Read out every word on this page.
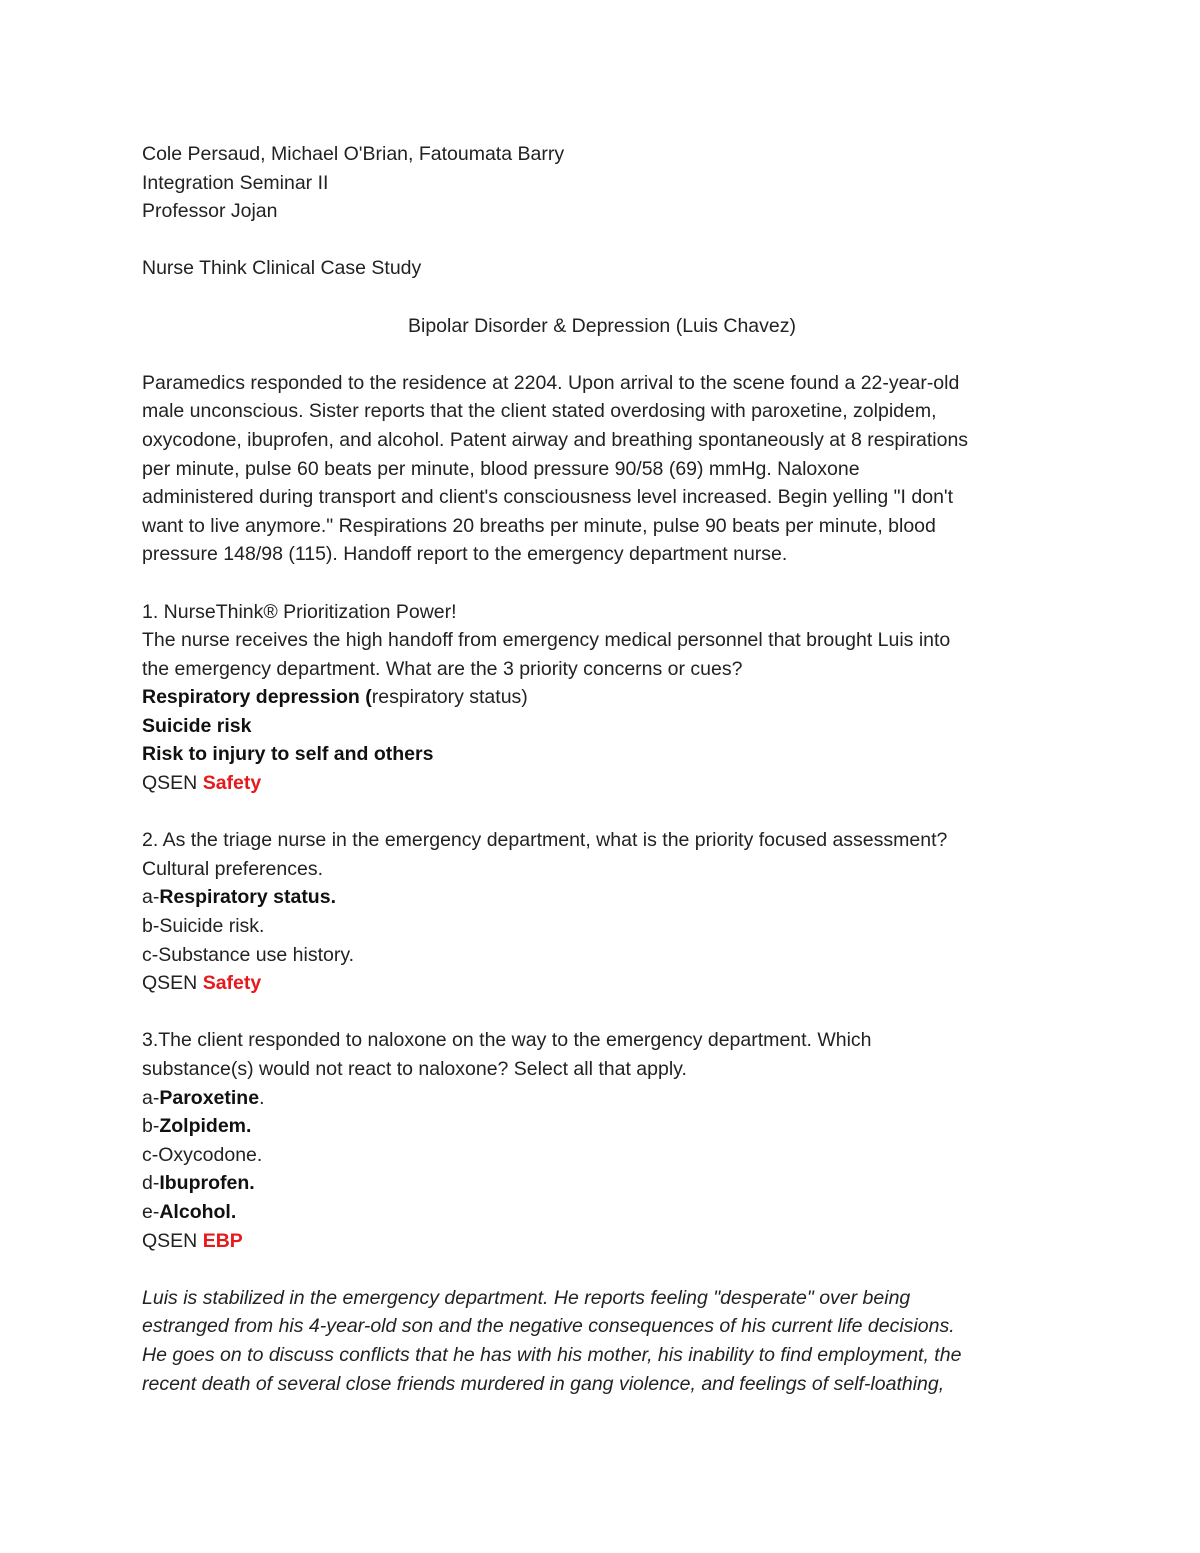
Cole Persaud, Michael O'Brian, Fatoumata Barry

Integration Seminar II

Professor Jojan

Nurse Think Clinical Case Study

Bipolar Disorder & Depression (Luis Chavez)

Paramedics responded to the residence at 2204. Upon arrival to the scene found a 22-year-old

male unconscious. Sister reports that the client stated overdosing with paroxetine, zolpidem,

oxycodone, ibuprofen, and alcohol. Patent airway and breathing spontaneously at 8 respirations

per minute, pulse 60 beats per minute, blood pressure 90/58 (69) mmHg. Naloxone

administered during transport and client's consciousness level increased. Begin yelling "I don't

want to live anymore." Respirations 20 breaths per minute, pulse 90 beats per minute, blood

pressure 148/98 (115). Handoff report to the emergency department nurse.

1. NurseThink® Prioritization Power!

The nurse receives the high handoff from emergency medical personnel that brought Luis into

the emergency department. What are the 3 priority concerns or cues?

Respiratory depression (respiratory status)

Suicide risk

Risk to injury to self and others

QSEN Safety

2. As the triage nurse in the emergency department, what is the priority focused assessment?

Cultural preferences.

a-Respiratory status.

b-Suicide risk.

c-Substance use history.

QSEN Safety

3.The client responded to naloxone on the way to the emergency department. Which

substance(s) would not react to naloxone? Select all that apply.

a-Paroxetine.

b-Zolpidem.

c-Oxycodone.

d-Ibuprofen.

e-Alcohol.

QSEN EBP

Luis is stabilized in the emergency department. He reports feeling "desperate" over being

estranged from his 4-year-old son and the negative consequences of his current life decisions.

He goes on to discuss conflicts that he has with his mother, his inability to find employment, the

recent death of several close friends murdered in gang violence, and feelings of self-loathing,
